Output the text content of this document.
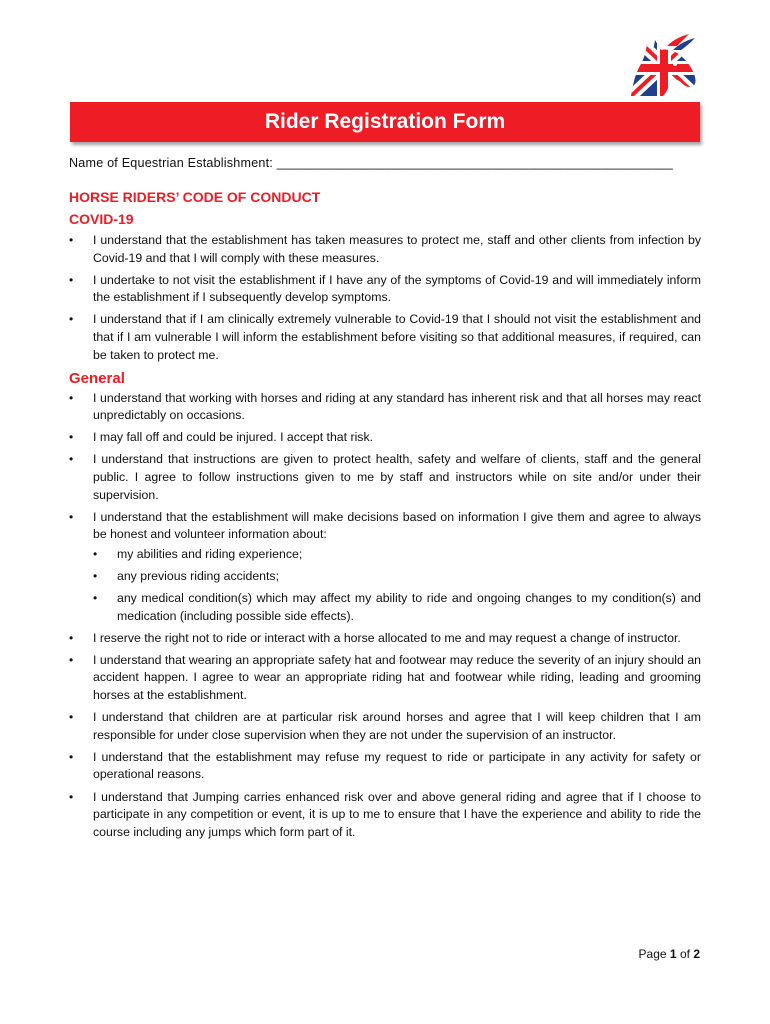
Rider Registration Form

Name of Equestrian Establishment: _______________________________________________________

HORSE RIDERS’ CODE OF CONDUCT

COVID-19

• I understand that the establishment has taken measures to protect me, staff and other clients from infection by Covid-19 and that I will comply with these measures.
• I undertake to not visit the establishment if I have any of the symptoms of Covid-19 and will immediately inform the establishment if I subsequently develop symptoms.
• I understand that if I am clinically extremely vulnerable to Covid-19 that I should not visit the establishment and that if I am vulnerable I will inform the establishment before visiting so that additional measures, if required, can be taken to protect me.

General

• I understand that working with horses and riding at any standard has inherent risk and that all horses may react unpredictably on occasions.
• I may fall off and could be injured. I accept that risk.
• I understand that instructions are given to protect health, safety and welfare of clients, staff and the general public. I agree to follow instructions given to me by staff and instructors while on site and/or under their supervision.
• I understand that the establishment will make decisions based on information I give them and agree to always be honest and volunteer information about:
• my abilities and riding experience;
• any previous riding accidents;
• any medical condition(s) which may affect my ability to ride and ongoing changes to my condition(s) and medication (including possible side effects).
• I reserve the right not to ride or interact with a horse allocated to me and may request a change of instructor.
• I understand that wearing an appropriate safety hat and footwear may reduce the severity of an injury should an accident happen. I agree to wear an appropriate riding hat and footwear while riding, leading and grooming horses at the establishment.
• I understand that children are at particular risk around horses and agree that I will keep children that I am responsible for under close supervision when they are not under the supervision of an instructor.
• I understand that the establishment may refuse my request to ride or participate in any activity for safety or operational reasons.
• I understand that Jumping carries enhanced risk over and above general riding and agree that if I choose to participate in any competition or event, it is up to me to ensure that I have the experience and ability to ride the course including any jumps which form part of it.
Page 1 of 2
